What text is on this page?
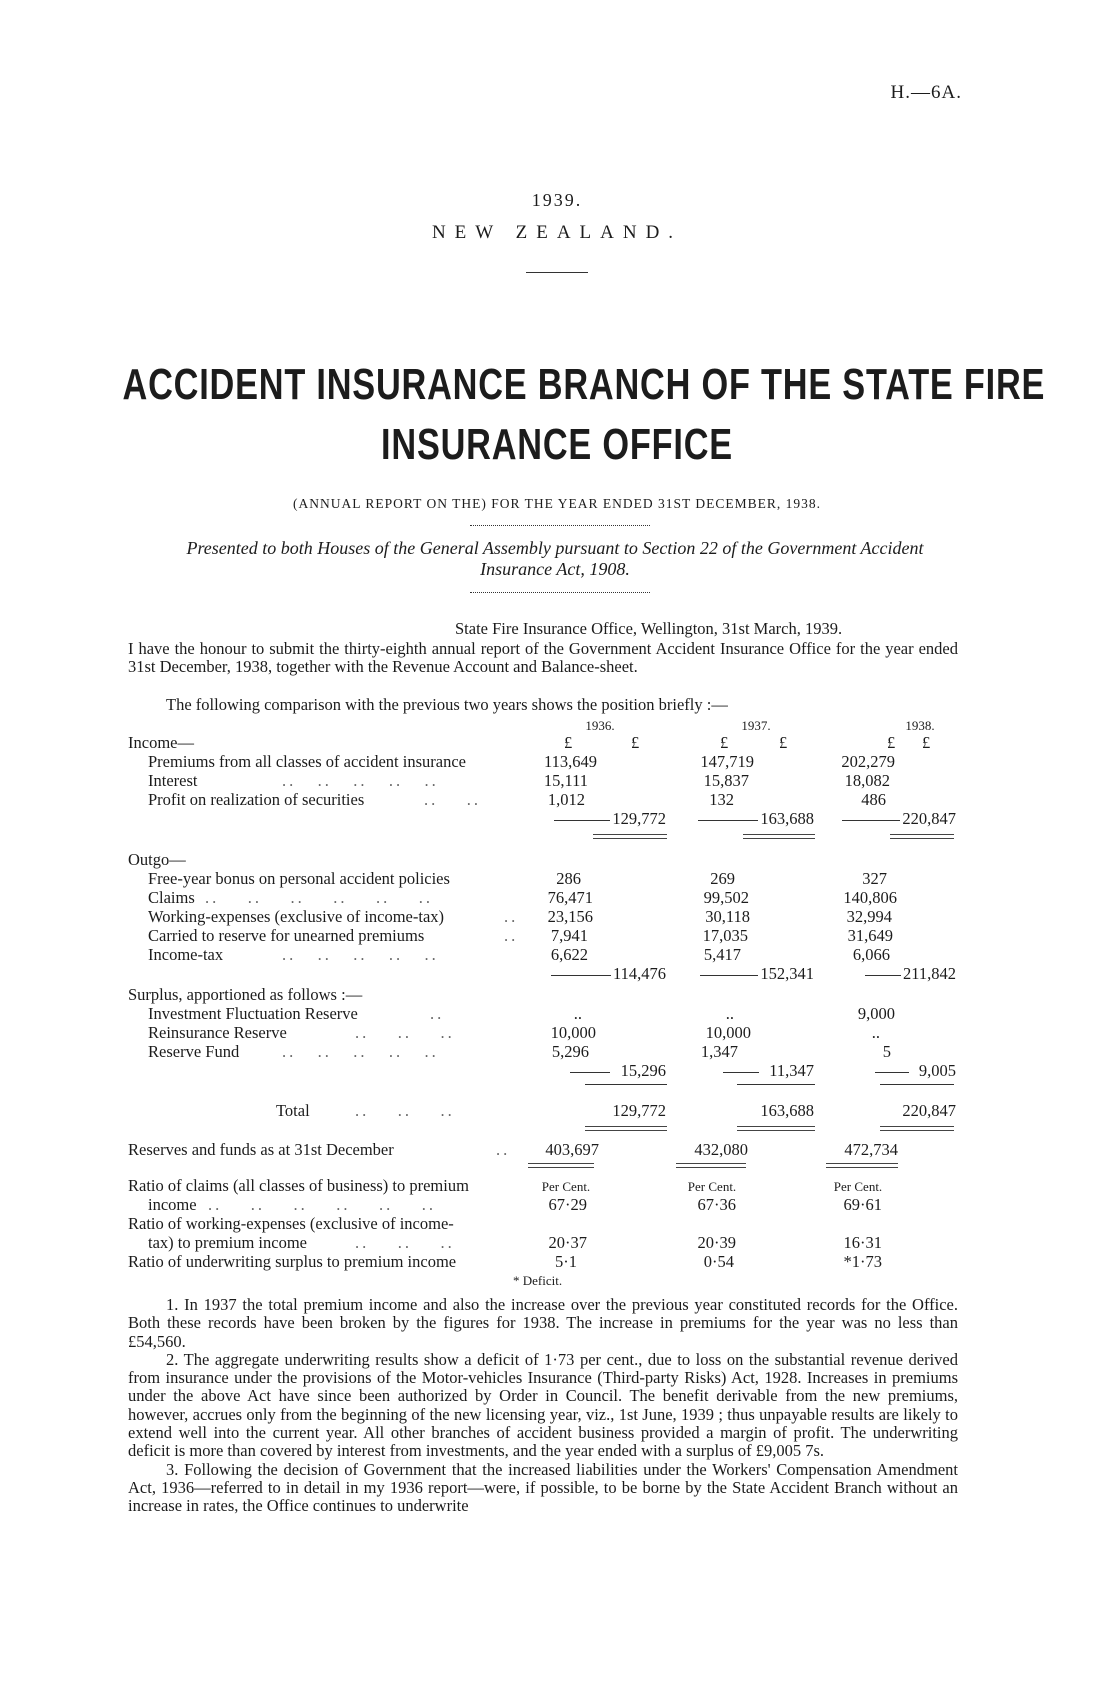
H.—6A.
1939.
NEW ZEALAND.
ACCIDENT INSURANCE BRANCH OF THE STATE FIRE
INSURANCE OFFICE
(ANNUAL REPORT ON THE) FOR THE YEAR ENDED 31ST DECEMBER, 1938.
Presented to both Houses of the General Assembly pursuant to Section 22 of the Government Accident Insurance Act, 1908.
State Fire Insurance Office, Wellington, 31st March, 1939.

I have the honour to submit the thirty-eighth annual report of the Government Accident Insurance Office for the year ended 31st December, 1938, together with the Revenue Account and Balance-sheet.

The following comparison with the previous two years shows the position briefly :—
1936.	1937.	1938.
£	£	£	£	£ £
Income—
Premiums from all classes of accident insurance	113,649	147,719	202,279
Interest	..   ..   ..   ..   ..	15,111	15,837	18,082
Profit on realization of securities	..    ..	1,012	132	486
129,772	163,688	220,847
Outgo—
Free-year bonus on personal accident policies	286	269	327
Claims ..    ..    ..    ..    ..    ..	76,471	99,502	140,806
Working-expenses (exclusive of income-tax)	.. 23,156	30,118	32,994
Carried to reserve for unearned premiums	.. 7,941	17,035	31,649
Income-tax	..   ..   ..   ..   ..	6,622	5,417	6,066
114,476	152,341	211,842
Surplus, apportioned as follows :—
Investment Fluctuation Reserve	..	..	..	9,000
Reinsurance Reserve	..    ..    ..	10,000	10,000	..
Reserve Fund	..   ..   ..   ..   ..	5,296	1,347	5
15,296	11,347	9,005
Total	..    ..    ..	129,772	163,688	220,847
Reserves and funds as at 31st December	.. 403,697	432,080	472,734
Ratio of claims (all classes of business) to premium	Per Cent.	Per Cent.	Per Cent.
income ..    ..    ..    ..    ..    ..	67·29	67·36	69·61
Ratio of working-expenses (exclusive of income-
tax) to premium income	..    ..    ..	20·37	20·39	16·31
Ratio of underwriting surplus to premium income	5·1	0·54	*1·73
* Deficit.

1. In 1937 the total premium income and also the increase over the previous year constituted records for the Office. Both these records have been broken by the figures for 1938. The increase in premiums for the year was no less than £54,560.

2. The aggregate underwriting results show a deficit of 1·73 per cent., due to loss on the substantial revenue derived from insurance under the provisions of the Motor-vehicles Insurance (Third-party Risks) Act, 1928. Increases in premiums under the above Act have since been authorized by Order in Council. The benefit derivable from the new premiums, however, accrues only from the beginning of the new licensing year, viz., 1st June, 1939 ; thus unpayable results are likely to extend well into the current year. All other branches of accident business provided a margin of profit. The underwriting deficit is more than covered by interest from investments, and the year ended with a surplus of £9,005 7s.

3. Following the decision of Government that the increased liabilities under the Workers' Compensation Amendment Act, 1936—referred to in detail in my 1936 report—were, if possible, to be borne by the State Accident Branch without an increase in rates, the Office continues to underwrite
